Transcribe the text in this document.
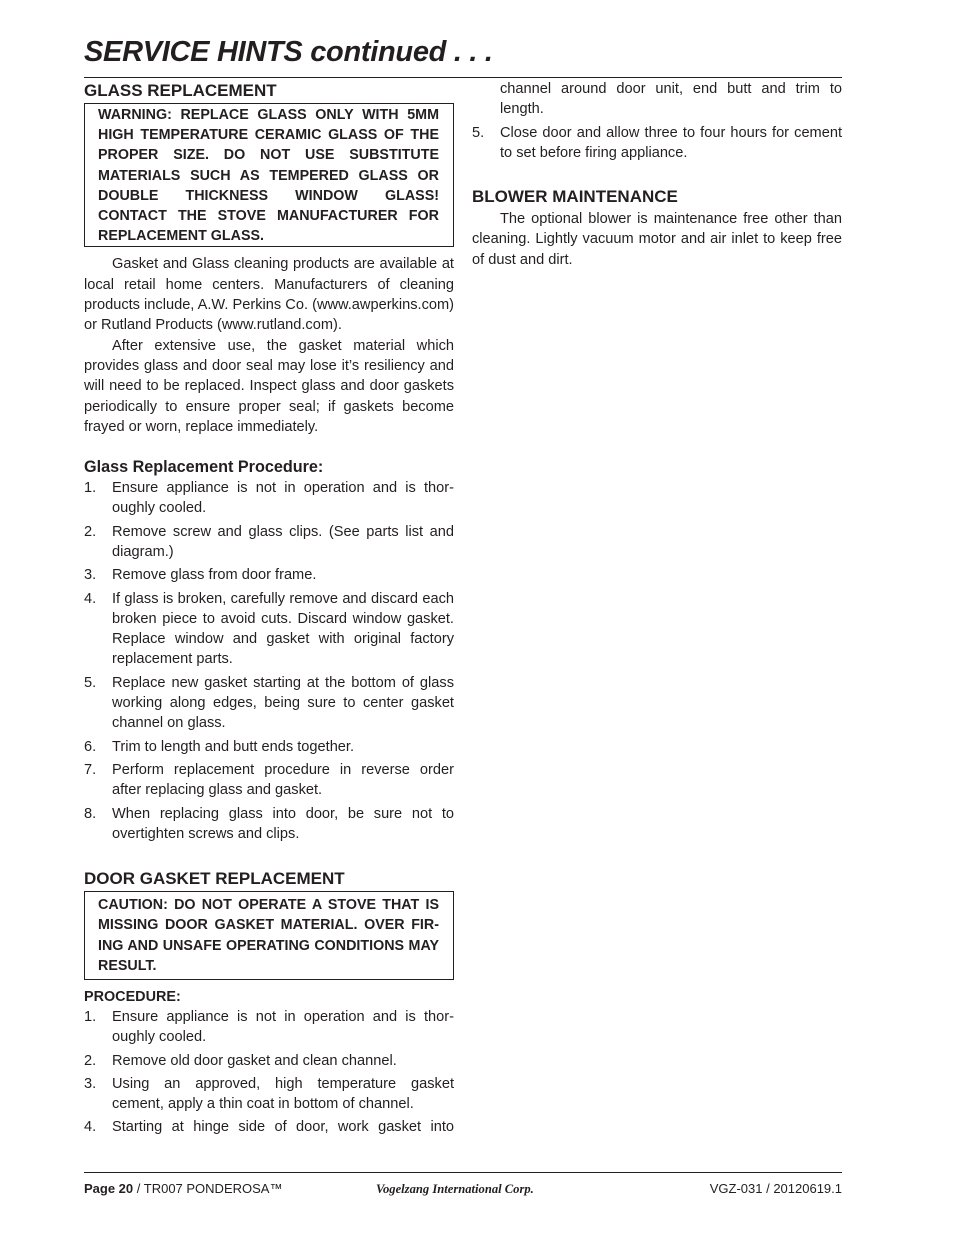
SERVICE HINTS continued . . .
GLASS REPLACEMENT
WARNING: REPLACE GLASS ONLY WITH 5MM HIGH TEMPERATURE CERAMIC GLASS OF THE PROPER SIZE. DO NOT USE SUBSTITUTE MATERIALS SUCH AS TEMPERED GLASS OR DOUBLE THICKNESS WINDOW GLASS! CONTACT THE STOVE MANUFACTURER FOR REPLACEMENT GLASS.

Gasket and Glass cleaning products are available at local retail home centers. Manufacturers of cleaning products include, A.W. Perkins Co. (www.awperkins.com) or Rutland Products (www.rutland.com).

After extensive use, the gasket material which provides glass and door seal may lose it’s resiliency and will need to be replaced. Inspect glass and door gaskets periodically to ensure proper seal; if gaskets become frayed or worn, replace immediately.

Glass Replacement Procedure:
1. Ensure appliance is not in operation and is thoroughly cooled.
2. Remove screw and glass clips. (See parts list and diagram.)
3. Remove glass from door frame.
4. If glass is broken, carefully remove and discard each broken piece to avoid cuts. Discard window gasket. Replace window and gasket with original factory replacement parts.
5. Replace new gasket starting at the bottom of glass working along edges, being sure to center gasket channel on glass.
6. Trim to length and butt ends together.
7. Perform replacement procedure in reverse order after replacing glass and gasket.
8. When replacing glass into door, be sure not to overtighten screws and clips.
DOOR GASKET REPLACEMENT
CAUTION: DO NOT OPERATE A STOVE THAT IS MISSING DOOR GASKET MATERIAL. OVER FIRING AND UNSAFE OPERATING CONDITIONS MAY RESULT.
PROCEDURE:
1. Ensure appliance is not in operation and is thoroughly cooled.
2. Remove old door gasket and clean channel.
3. Using an approved, high temperature gasket cement, apply a thin coat in bottom of channel.
4. Starting at hinge side of door, work gasket into
channel around door unit, end butt and trim to length.
5. Close door and allow three to four hours for cement to set before firing appliance.
BLOWER MAINTENANCE

The optional blower is maintenance free other than cleaning. Lightly vacuum motor and air inlet to keep free of dust and dirt.

Page 20 / TR007 PONDEROSA™	Vogelzang International Corp.	VGZ-031 / 20120619.1
